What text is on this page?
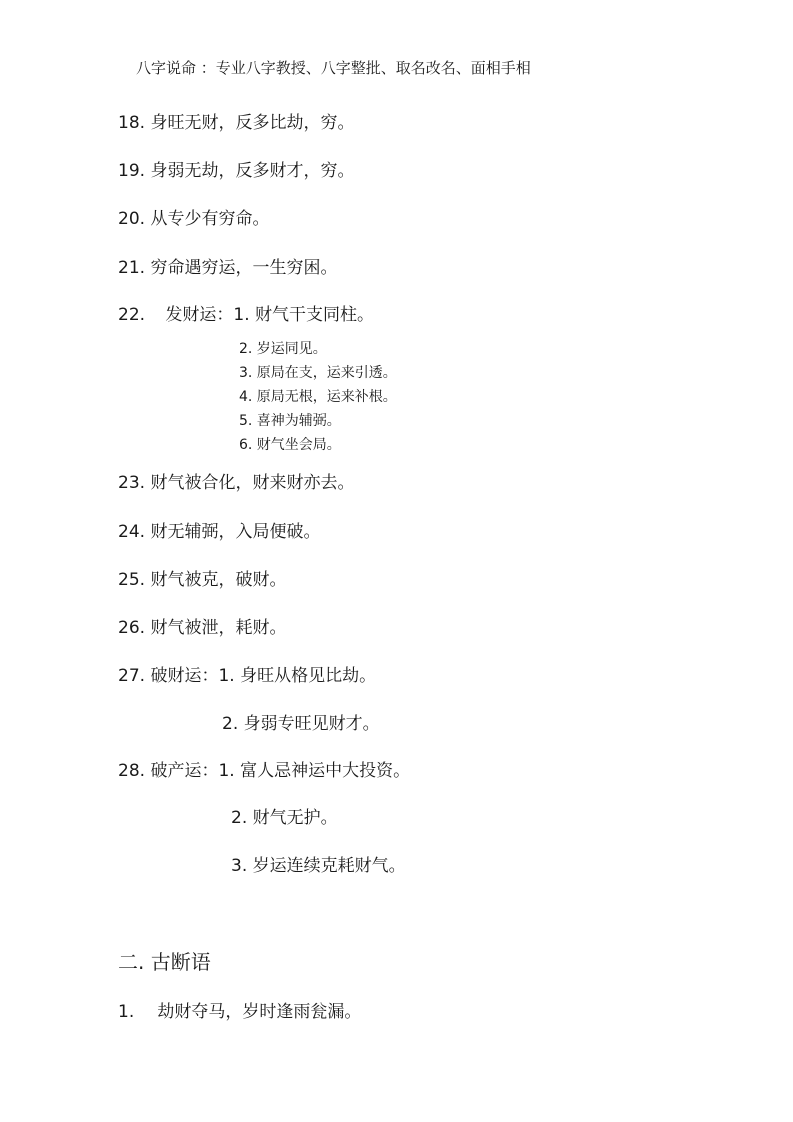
八字说命 ：专业八字教授、八字整批、取名改名、面相手相
18. 身旺无财，反多比劫，穷。
19. 身弱无劫，反多财才，穷。
20. 从专少有穷命。
21. 穷命遇穷运，一生穷困。
22. 发财运：1. 财气干支同柱。
2. 岁运同见。
3. 原局在支，运来引透。
4. 原局无根，运来补根。
5. 喜神为辅弼。
6. 财气坐会局。
23. 财气被合化，财来财亦去。
24. 财无辅弼，入局便破。
25. 财气被克，破财。
26. 财气被泄，耗财。
27. 破财运：1. 身旺从格见比劫。
2. 身弱专旺见财才。
28. 破产运：1. 富人忌神运中大投资。
2. 财气无护。
3. 岁运连续克耗财气。
二. 古断语
1. 劫财夺马，岁时逢雨瓮漏。
